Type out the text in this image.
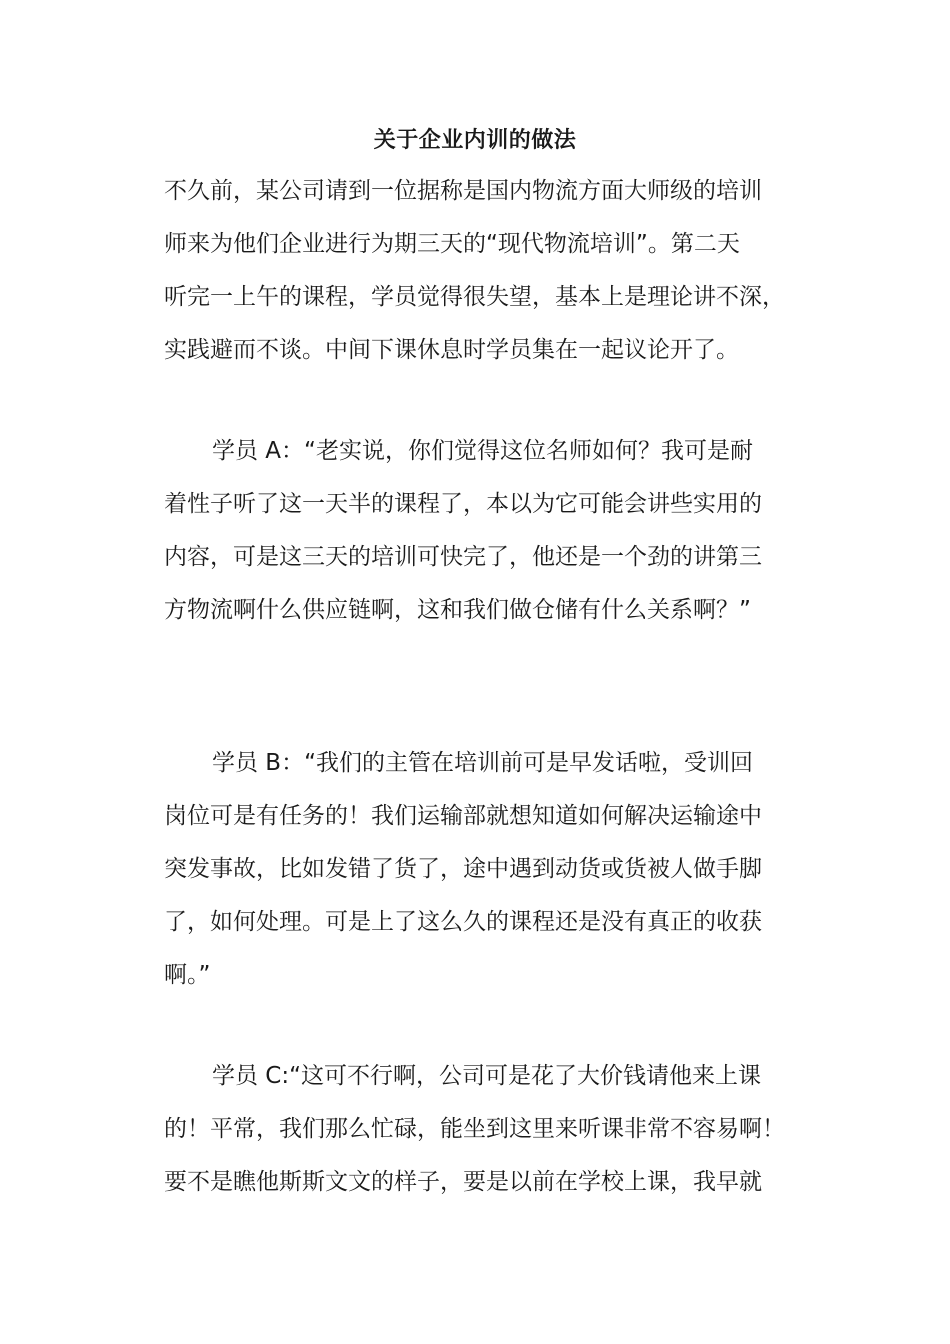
关于企业内训的做法
不久前，某公司请到一位据称是国内物流方面大师级的培训
师来为他们企业进行为期三天的“现代物流培训”。第二天
听完一上午的课程，学员觉得很失望，基本上是理论讲不深，
实践避而不谈。中间下课休息时学员集在一起议论开了。
学员 A：“老实说，你们觉得这位名师如何？我可是耐
着性子听了这一天半的课程了，本以为它可能会讲些实用的
内容，可是这三天的培训可快完了，他还是一个劲的讲第三
方物流啊什么供应链啊，这和我们做仓储有什么关系啊？”
学员 B：“我们的主管在培训前可是早发话啦，受训回
岗位可是有任务的！我们运输部就想知道如何解决运输途中
突发事故，比如发错了货了，途中遇到动货或货被人做手脚
了，如何处理。可是上了这么久的课程还是没有真正的收获
啊。”
学员 C:“这可不行啊，公司可是花了大价钱请他来上课
的！平常，我们那么忙碌，能坐到这里来听课非常不容易啊！
要不是瞧他斯斯文文的样子，要是以前在学校上课，我早就
